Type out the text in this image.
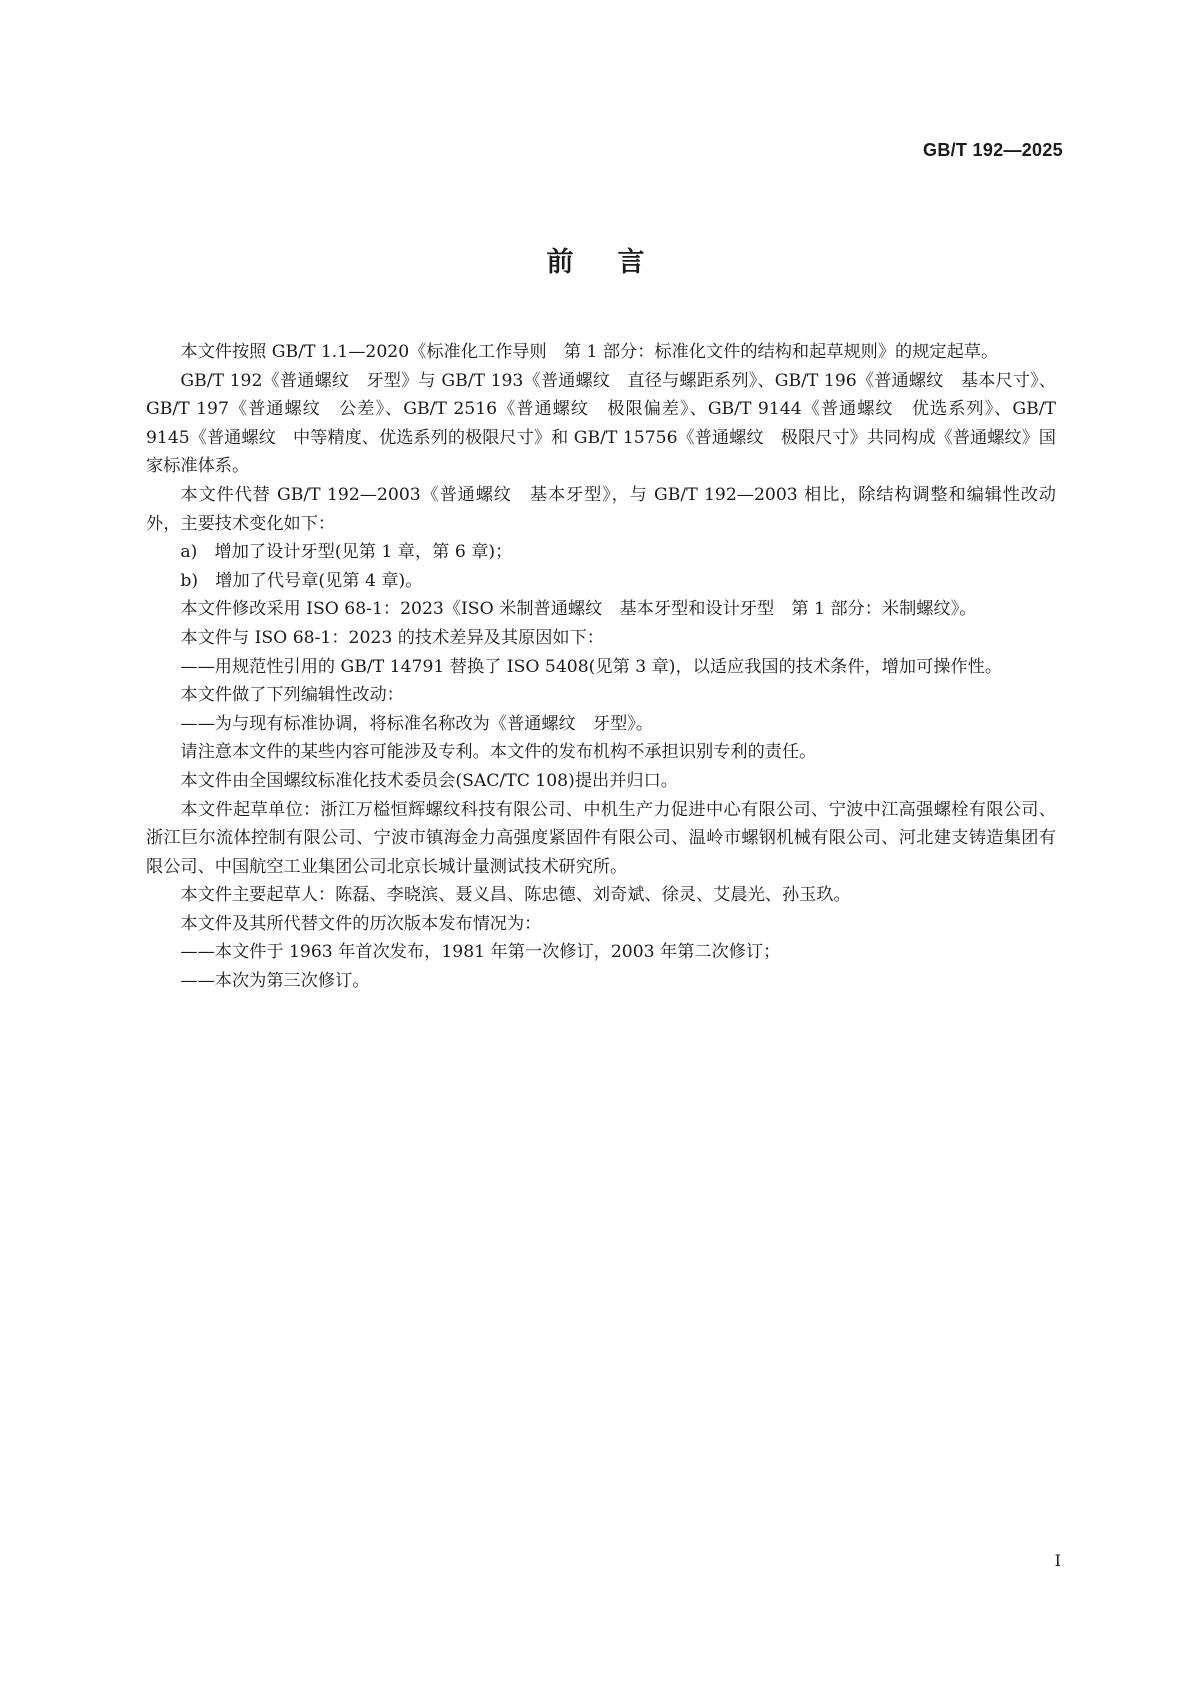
GB/T 192—2025
前言

本文件按照 GB/T 1.1—2020《标准化工作导则　第 1 部分：标准化文件的结构和起草规则》的规定起草。

GB/T 192《普通螺纹　牙型》与 GB/T 193《普通螺纹　直径与螺距系列》、GB/T 196《普通螺纹　基本尺寸》、GB/T 197《普通螺纹　公差》、GB/T 2516《普通螺纹　极限偏差》、GB/T 9144《普通螺纹　优选系列》、GB/T 9145《普通螺纹　中等精度、优选系列的极限尺寸》和 GB/T 15756《普通螺纹　极限尺寸》共同构成《普通螺纹》国家标准体系。

本文件代替 GB/T 192—2003《普通螺纹　基本牙型》，与 GB/T 192—2003 相比，除结构调整和编辑性改动外，主要技术变化如下：

a)　增加了设计牙型(见第 1 章，第 6 章)；

b)　增加了代号章(见第 4 章)。

本文件修改采用 ISO 68-1：2023《ISO 米制普通螺纹　基本牙型和设计牙型　第 1 部分：米制螺纹》。

本文件与 ISO 68-1：2023 的技术差异及其原因如下：

——用规范性引用的 GB/T 14791 替换了 ISO 5408(见第 3 章)，以适应我国的技术条件，增加可操作性。

本文件做了下列编辑性改动：

——为与现有标准协调，将标准名称改为《普通螺纹　牙型》。

请注意本文件的某些内容可能涉及专利。本文件的发布机构不承担识别专利的责任。

本文件由全国螺纹标准化技术委员会(SAC/TC 108)提出并归口。

本文件起草单位：浙江万榏恒辉螺纹科技有限公司、中机生产力促进中心有限公司、宁波中江高强螺栓有限公司、浙江巨尔流体控制有限公司、宁波市镇海金力高强度紧固件有限公司、温岭市螺钢机械有限公司、河北建支铸造集团有限公司、中国航空工业集团公司北京长城计量测试技术研究所。

本文件主要起草人：陈磊、李晓滨、聂义昌、陈忠德、刘奇斌、徐灵、艾晨光、孙玉玖。

本文件及其所代替文件的历次版本发布情况为：

——本文件于 1963 年首次发布，1981 年第一次修订，2003 年第二次修订；

——本次为第三次修订。

I
